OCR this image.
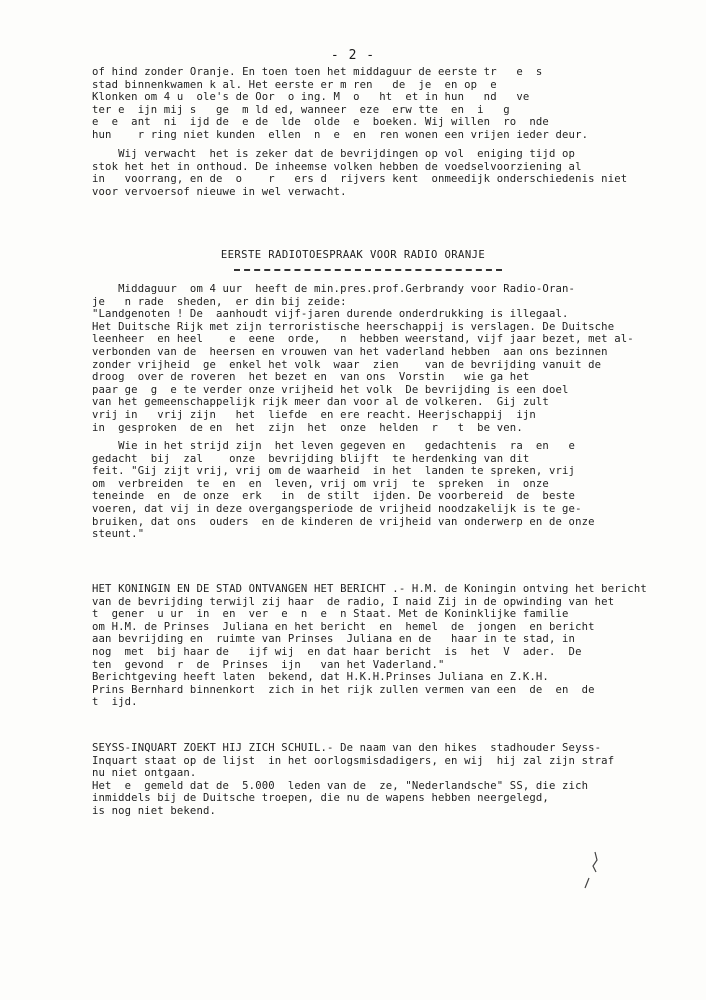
- 2 -
of hind zonder Oranje. En toen toen het middaguur de eerste tr   e  s
stad binnenkwamen k al. Het eerste er m ren   de  je  en op  e
Klonken om 4 u  ole's de Oor  o ing. M  o   ht  et in hun   nd   ve
ter e  ijn mij s   ge  m ld ed, wanneer  eze  erw tte  en  i   g
e  e  ant  ni  ijd de  e de  lde  olde  e  boeken. Wij willen  ro  nde
hun    r ring niet kunden  ellen  n  e  en  ren wonen een vrijen ieder deur.
Wij verwacht  het is zeker dat de bevrijdingen op vol  eniging tijd op
stok het het in onthoud. De inheemse volken hebben de voedselvoorziening al
in   voorrang, en de  o    r   ers d  rijvers kent  onmeedijk onderschiedenis niet
voor vervoersof nieuwe in wel verwacht.
EERSTE RADIOTOESPRAAK VOOR RADIO ORANJE
Middaguur  om 4 uur  heeft de min.pres.prof.Gerbrandy voor Radio-Oran-
je   n rade  sheden,  er din bij zeide:
"Landgenoten ! De  aanhoudt vijf-jaren durende onderdrukking is illegaal.
Het Duitsche Rijk met zijn terroristische heerschappij is verslagen. De Duitsche
leenheer  en heel    e  eene  orde,   n  hebben weerstand, vijf jaar bezet, met al-
verbonden van de  heersen en vrouwen van het vaderland hebben  aan ons bezinnen
zonder vrijheid  ge  enkel het volk  waar  zien    van de bevrijding vanuit de
droog  over de roveren  het bezet en  van ons  Vorstin   wie ga het
paar ge  g  e te verder onze vrijheid het volk  De bevrijding is een doel
van het gemeenschappelijk rijk meer dan voor al de volkeren.  Gij zult
vrij in   vrij zijn   het  liefde  en ere reacht. Heerjschappij  ijn
in  gesproken  de en  het  zijn  het  onze  helden  r   t  be ven.
Wie in het strijd zijn  het leven gegeven en   gedachtenis  ra  en   e
gedacht  bij  zal    onze  bevrijding blijft  te herdenking van dit
feit. "Gij zijt vrij, vrij om de waarheid  in het  landen te spreken, vrij
om  verbreiden  te  en  en  leven, vrij om vrij  te  spreken  in  onze
teneinde  en  de onze  erk   in  de stilt  ijden. De voorbereid  de  beste
voeren, dat vij in deze overgangsperiode de vrijheid noodzakelijk is te ge-
bruiken, dat ons  ouders  en de kinderen de vrijheid van onderwerp en de onze
steunt."
HET KONINGIN EN DE STAD ONTVANGEN HET BERICHT .- H.M. de Koningin ontving het bericht
van de bevrijding terwijl zij haar  de radio, I naid Zij in de opwinding van het
t  gener  u ur  in  en  ver  e  n  e  n Staat. Met de Koninklijke familie
om H.M. de Prinses  Juliana en het bericht  en  hemel  de  jongen  en bericht
aan bevrijding en  ruimte van Prinses  Juliana en de   haar in te stad, in
nog  met  bij haar de   ijf wij  en dat haar bericht  is  het  V  ader.  De
ten  gevond  r  de  Prinses  ijn   van het Vaderland."
Berichtgeving heeft laten  bekend, dat H.K.H.Prinses Juliana en Z.K.H.
Prins Bernhard binnenkort  zich in het rijk zullen vermen van een  de  en  de
t  ijd.
SEYSS-INQUART ZOEKT HIJ ZICH SCHUIL.- De naam van den hikes  stadhouder Seyss-
Inquart staat op de lijst  in het oorlogsmisdadigers, en wij  hij zal zijn straf
nu niet ontgaan.
Het  e  gemeld dat de  5.000  leden van de  ze, "Nederlandsche" SS, die zich
inmiddels bij de Duitsche troepen, die nu de wapens hebben neergelegd,
is nog niet bekend.
